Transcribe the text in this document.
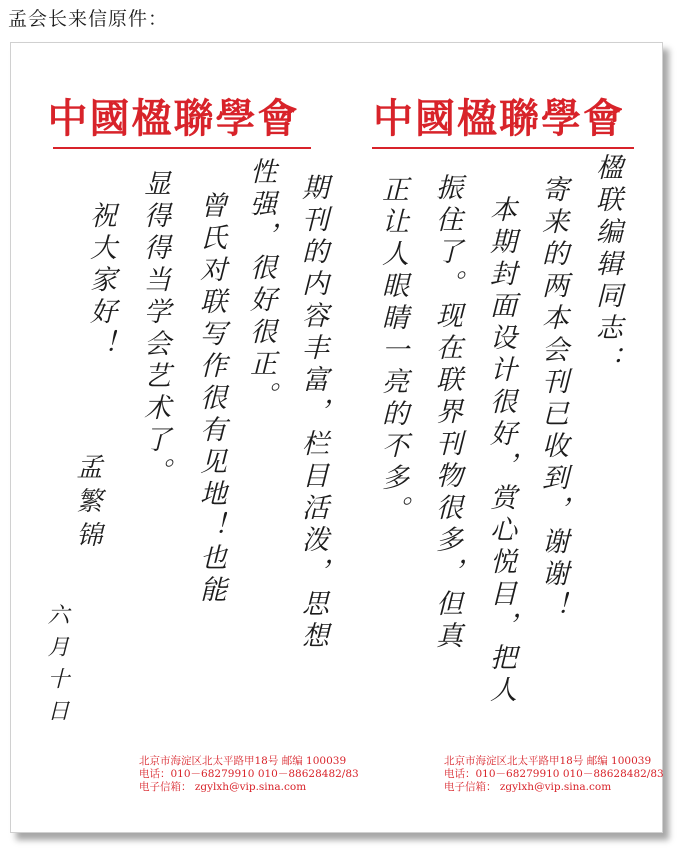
孟会长来信原件：
中國楹聯學會
期刊的内容丰富，栏目活泼，思想
性强，很好很正。
曾氏对联写作很有见地！也能
显得得当学会艺术了。
祝大家好！
孟繁锦
六月十日
北京市海淀区北太平路甲18号 邮编 100039
电话：010－68279910 010－88628482/83
电子信箱： zgylxh@vip.sina.com
中國楹聯學會
楹联编辑同志：
寄来的两本会刊已收到，谢谢！
本期封面设计很好，赏心悦目，把人
振住了。现在联界刊物很多，但真
正让人眼睛一亮的不多。
北京市海淀区北太平路甲18号 邮编 100039
电话：010－68279910 010－88628482/83
电子信箱： zgylxh@vip.sina.com
